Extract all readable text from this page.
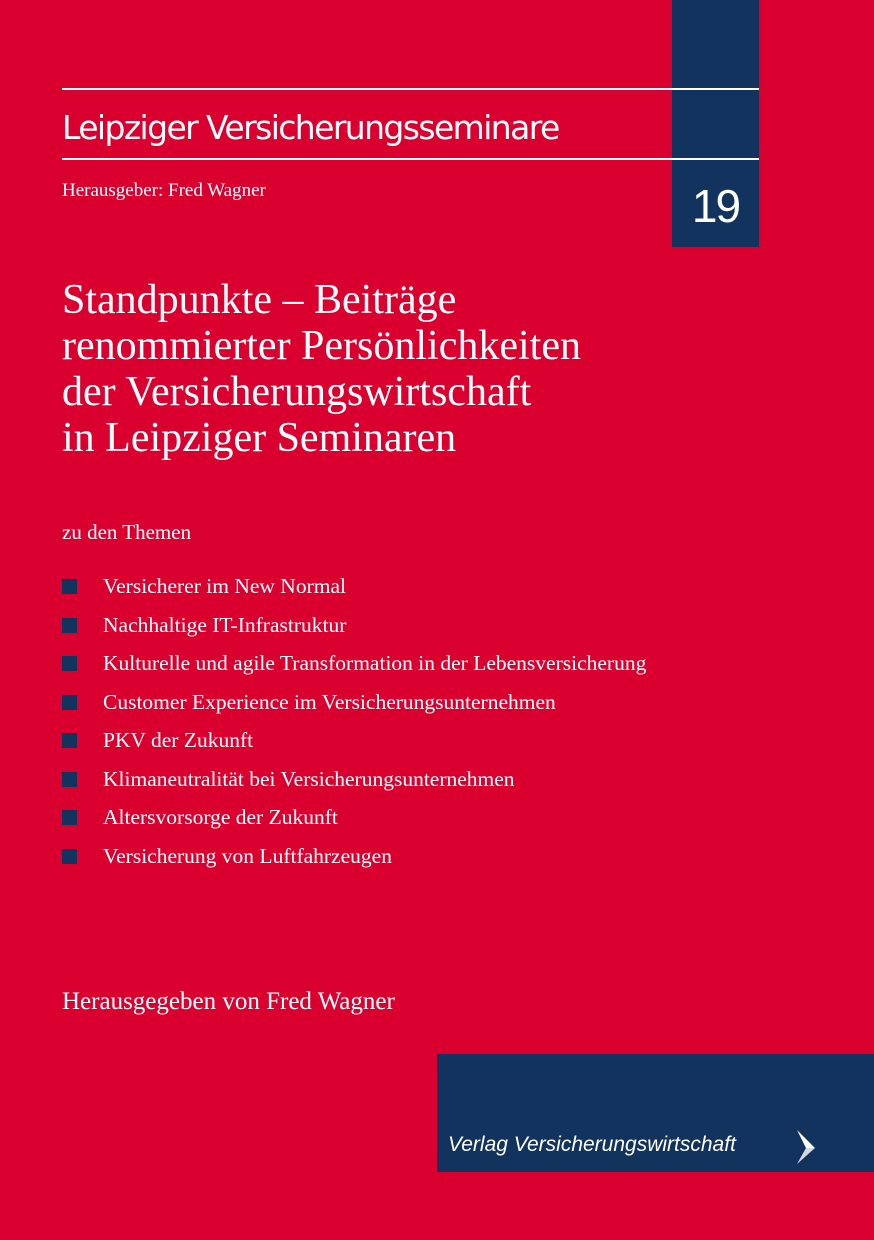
19
Leipziger Versicherungsseminare
Herausgeber: Fred Wagner
Standpunkte – Beiträge
renommierter Persönlichkeiten
der Versicherungswirtschaft
in Leipziger Seminaren
zu den Themen
Versicherer im New Normal
Nachhaltige IT-Infrastruktur
Kulturelle und agile Transformation in der Lebensversicherung
Customer Experience im Versicherungsunternehmen
PKV der Zukunft
Klimaneutralität bei Versicherungsunternehmen
Altersvorsorge der Zukunft
Versicherung von Luftfahrzeugen
Herausgegeben von Fred Wagner
Verlag Versicherungswirtschaft
